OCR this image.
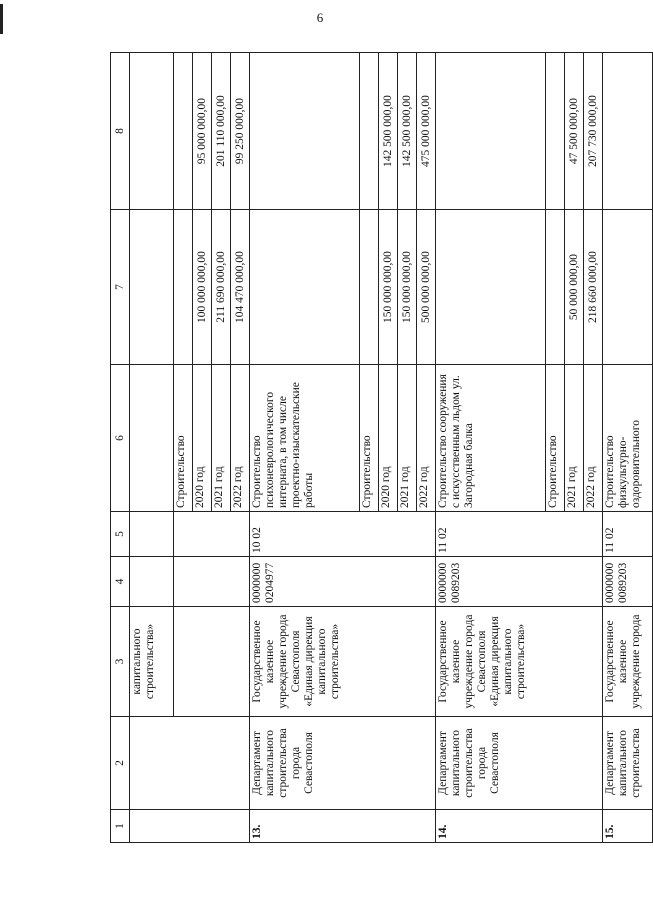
6
1	2	3	4	5	6	7	8
		капитального строительства»					
					Строительство		
					2020 год	100 000 000,00	95 000 000,00
					2021 год	211 690 000,00	201 110 000,00
					2022 год	104 470 000,00	99 250 000,00
13.	Департамент капитального строительства города Севастополя	Государственное казенное учреждение города Севастополя «Единая дирекция капитального строительства»	0000000 0204977	10 02	Строительство психоневрологического интерната, в том числе проектно-изыскательские работы		
					Строительство		
					2020 год	150 000 000,00	142 500 000,00
					2021 год	150 000 000,00	142 500 000,00
					2022 год	500 000 000,00	475 000 000,00
14.	Департамент капитального строительства города Севастополя	Государственное казенное учреждение города Севастополя «Единая дирекция капитального строительства»	0000000 0089203	11 02	Строительство сооружения с искусственным льдом ул. Загородная балка		
					Строительство		
					2021 год	50 000 000,00	47 500 000,00
					2022 год	218 660 000,00	207 730 000,00
15.	Департамент капитального строительства	Государственное казенное учреждение города	0000000 0089203	11 02	Строительство физкультурно-оздоровительного		
